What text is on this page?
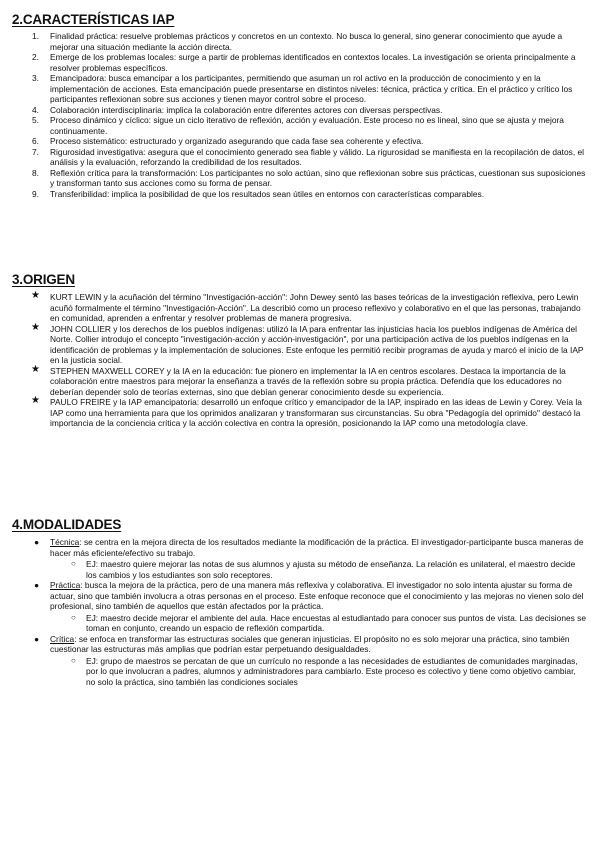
2.CARACTERÍSTICAS IAP
1.	Finalidad práctica: resuelve problemas prácticos y concretos en un contexto. No busca lo general, sino generar conocimiento que ayude a mejorar una situación mediante la acción directa.
2.	Emerge de los problemas locales: surge a partir de problemas identificados en contextos locales. La investigación se orienta principalmente a resolver problemas específicos.
3.	Emancipadora: busca emancipar a los participantes, permitiendo que asuman un rol activo en la producción de conocimiento y en la implementación de acciones. Esta emancipación puede presentarse en distintos niveles: técnica, práctica y crítica. En el práctico y crítico los participantes reflexionan sobre sus acciones y tienen mayor control sobre el proceso.
4.	Colaboración interdisciplinaria: implica la colaboración entre diferentes actores con diversas perspectivas.
5.	Proceso dinámico y cíclico: sigue un ciclo iterativo de reflexión, acción y evaluación. Este proceso no es lineal, sino que se ajusta y mejora continuamente.
6.	Proceso sistemático: estructurado y organizado asegurando que cada fase sea coherente y efectiva.
7.	Rigurosidad investigativa: asegura que el conocimiento generado sea fiable y válido. La rigurosidad se manifiesta en la recopilación de datos, el análisis y la evaluación, reforzando la credibilidad de los resultados.
8.	Reflexión crítica para la transformación: Los participantes no solo actúan, sino que reflexionan sobre sus prácticas, cuestionan sus suposiciones y transforman tanto sus acciones como su forma de pensar.
9.	Transferibilidad: implica la posibilidad de que los resultados sean útiles en entornos con características comparables.
3.ORIGEN
★ KURT LEWIN y la acuñación del término "Investigación-acción": John Dewey sentó las bases teóricas de la investigación reflexiva, pero Lewin acuñó formalmente el término "Investigación-Acción". La describió como un proceso reflexivo y colaborativo en el que las personas, trabajando en comunidad, aprenden a enfrentar y resolver problemas de manera progresiva.
★ JOHN COLLIER y los derechos de los pueblos indígenas: utilizó la IA para enfrentar las injusticias hacia los pueblos indígenas de América del Norte. Collier introdujo el concepto "investigación-acción y acción-investigación", por una participación activa de los pueblos indígenas en la identificación de problemas y la implementación de soluciones. Este enfoque les permitió recibir programas de ayuda y marcó el inicio de la IAP en la justicia social.
★ STEPHEN MAXWELL COREY y la IA en la educación: fue pionero en implementar la IA en centros escolares. Destaca la importancia de la colaboración entre maestros para mejorar la enseñanza a través de la reflexión sobre su propia práctica. Defendía que los educadores no deberían depender solo de teorías externas, sino que debían generar conocimiento desde su experiencia.
★ PAULO FREIRE y la IAP emancipatoria: desarrolló un enfoque crítico y emancipador de la IAP, inspirado en las ideas de Lewin y Corey. Veía la IAP como una herramienta para que los oprimidos analizaran y transformaran sus circunstancias. Su obra "Pedagogía del oprimido" destacó la importancia de la conciencia crítica y la acción colectiva en contra la opresión, posicionando la IAP como una metodología clave.
4.MODALIDADES
● Técnica: se centra en la mejora directa de los resultados mediante la modificación de la práctica. El investigador-participante busca maneras de hacer más eficiente/efectivo su trabajo.
○ EJ: maestro quiere mejorar las notas de sus alumnos y ajusta su método de enseñanza. La relación es unilateral, el maestro decide los cambios y los estudiantes son solo receptores.
● Práctica: busca la mejora de la práctica, pero de una manera más reflexiva y colaborativa. El investigador no solo intenta ajustar su forma de actuar, sino que también involucra a otras personas en el proceso. Este enfoque reconoce que el conocimiento y las mejoras no vienen solo del profesional, sino también de aquellos que están afectados por la práctica.
○ EJ: maestro decide mejorar el ambiente del aula. Hace encuestas al estudiantado para conocer sus puntos de vista. Las decisiones se toman en conjunto, creando un espacio de reflexión compartida.
● Crítica: se enfoca en transformar las estructuras sociales que generan injusticias. El propósito no es solo mejorar una práctica, sino también cuestionar las estructuras más amplias que podrían estar perpetuando desigualdades.
○ EJ: grupo de maestros se percatan de que un currículo no responde a las necesidades de estudiantes de comunidades marginadas, por lo que involucran a padres, alumnos y administradores para cambiarlo. Este proceso es colectivo y tiene como objetivo cambiar, no solo la práctica, sino también las condiciones sociales
